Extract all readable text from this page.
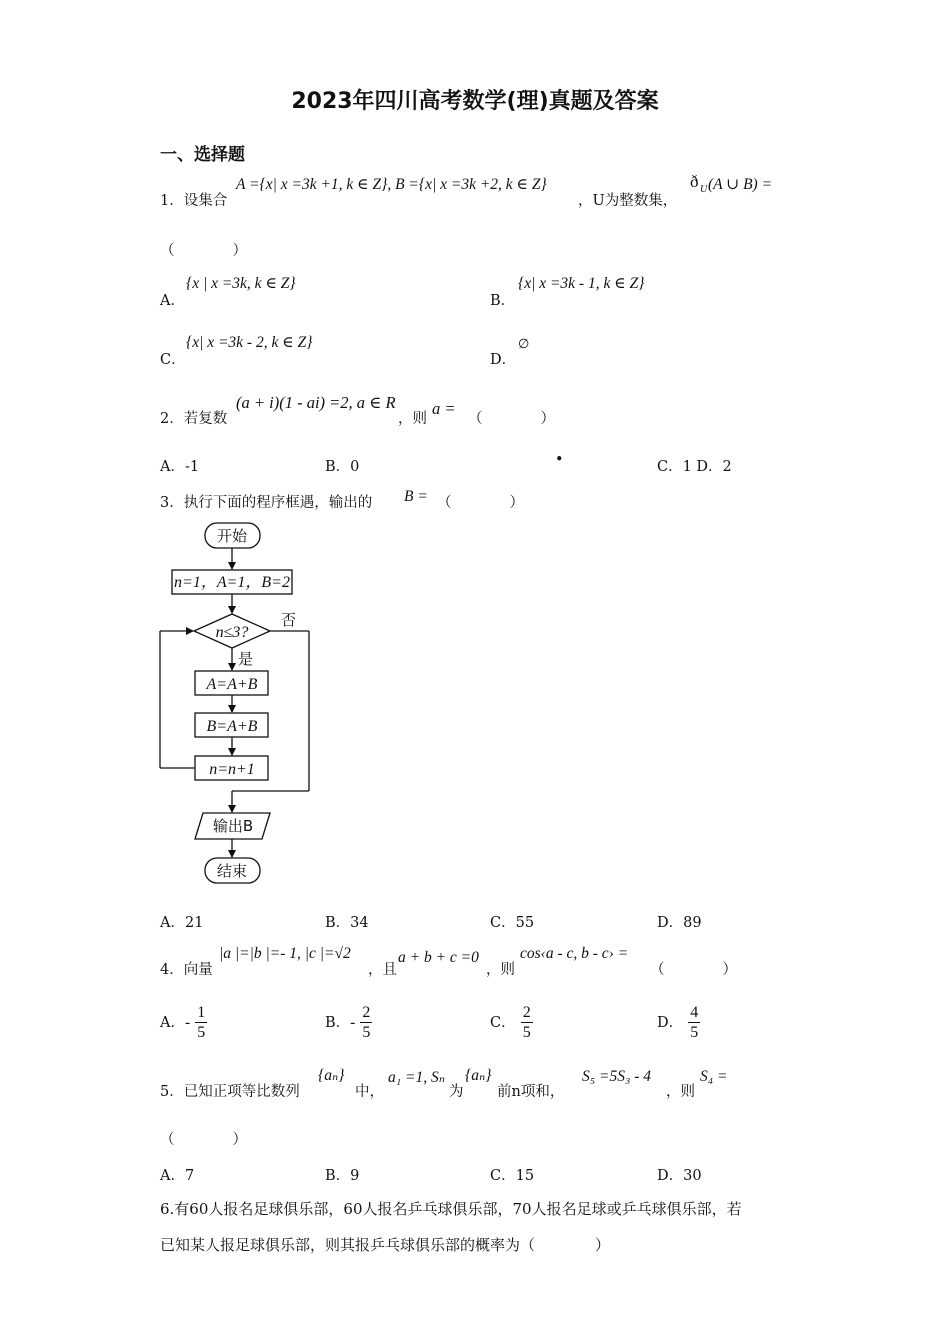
2023年四川高考数学(理)真题及答案
一、选择题
1．设集合
A ={x| x =3k +1, k ∈ Z}, B ={x| x =3k +2, k ∈ Z}
，U为整数集，
ð U (A ∪ B) =
（　　　　）
A．
{x | x =3k, k ∈ Z}
B．
{x| x =3k - 1, k ∈ Z}
C．
{x| x =3k - 2, k ∈ Z}
D．
∅
2．若复数
(a + i)(1 - ai) =2, a ∈ R
，则
a =
（　　　　）
A．-1	B．0	•	C．1 D．2
3．执行下面的程序框遇，输出的 B = （　　　　）
开始
n=1，A=1，B=2
n≤3?
否
是
A=A+B
B=A+B
n=n+1
输出B
结束
A．21	B．34	C．55	D．89
4．向量
|a |=|b |=- 1, |c |=√2
，且
a + b + c =0
，则
cos‹a - c, b - c› =
（　　　　）
A．- $\frac{1}{5}$	B．- $\frac{2}{5}$	C． $\frac{2}{5}$	D． $\frac{4}{5}$
5．已知正项等比数列
{aₙ}
中，
a₁ =1, Sₙ
为
{aₙ}
前n项和，
S₅ =5S₃ - 4
，则
S₄ =
（　　　　）
A．7	B．9	C．15	D．30
6.有60人报名足球俱乐部，60人报名乒乓球俱乐部，70人报名足球或乒乓球俱乐部，若
已知某人报足球俱乐部，则其报乒乓球俱乐部的概率为（　　　　）
